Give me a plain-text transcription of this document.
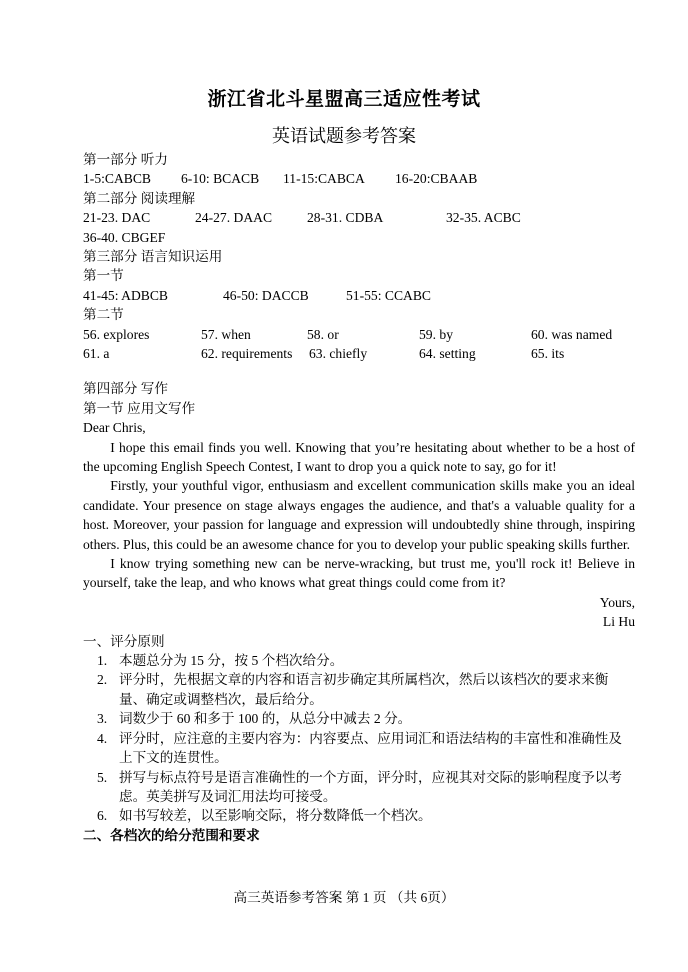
浙江省北斗星盟高三适应性考试
英语试题参考答案
第一部分 听力
1-5:CABCB 6-10: BCACB 11-15:CABCA 16-20:CBAAB
第二部分 阅读理解
21-23. DAC	24-27. DAAC	28-31. CDBA	32-35. ACBC
36-40. CBGEF
第三部分 语言知识运用
第一节
41-45: ADBCB	46-50: DACCB	51-55: CCABC
第二节
56. explores	57. when	58. or	59. by	60. was named
61. a	62. requirements 63. chiefly	64. setting	65. its
第四部分 写作
第一节 应用文写作
Dear Chris,
I hope this email finds you well. Knowing that you’re hesitating about whether to be a host of the upcoming English Speech Contest, I want to drop you a quick note to say, go for it!
Firstly, your youthful vigor, enthusiasm and excellent communication skills make you an ideal candidate. Your presence on stage always engages the audience, and that's a valuable quality for a host. Moreover, your passion for language and expression will undoubtedly shine through, inspiring others. Plus, this could be an awesome chance for you to develop your public speaking skills further.
I know trying something new can be nerve-wracking, but trust me, you'll rock it! Believe in yourself, take the leap, and who knows what great things could come from it?
Yours,
Li Hu
一、评分原则
1. 本题总分为 15 分，按 5 个档次给分。
2. 评分时，先根据文章的内容和语言初步确定其所属档次，然后以该档次的要求来衡量、确定或调整档次，最后给分。
3. 词数少于 60 和多于 100 的，从总分中减去 2 分。
4. 评分时，应注意的主要内容为：内容要点、应用词汇和语法结构的丰富性和准确性及上下文的连贯性。
5. 拼写与标点符号是语言准确性的一个方面，评分时，应视其对交际的影响程度予以考虑。英美拼写及词汇用法均可接受。
6. 如书写较差，以至影响交际，将分数降低一个档次。
二、各档次的给分范围和要求
高三英语参考答案 第 1 页 （共 6页）
